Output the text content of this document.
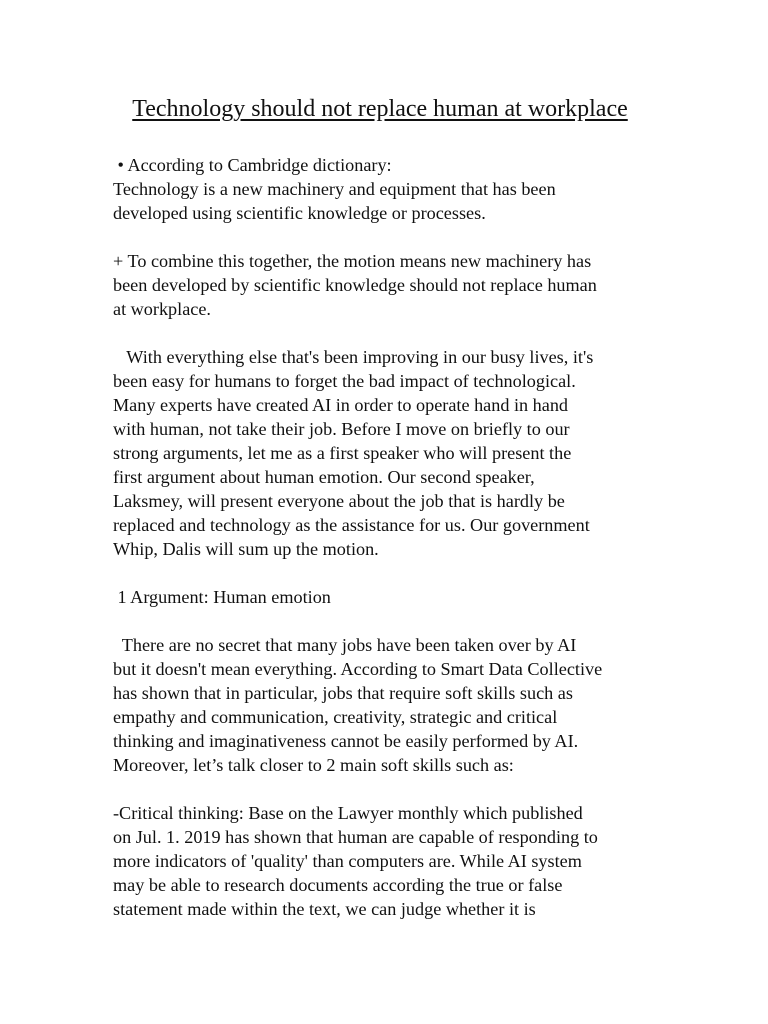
Technology should not replace human at workplace

• According to Cambridge dictionary:
Technology is a new machinery and equipment that has been
developed using scientific knowledge or processes.

+ To combine this together, the motion means new machinery has
been developed by scientific knowledge should not replace human
at workplace.

With everything else that's been improving in our busy lives, it's
been easy for humans to forget the bad impact of technological.
Many experts have created AI in order to operate hand in hand
with human, not take their job. Before I move on briefly to our
strong arguments, let me as a first speaker who will present the
first argument about human emotion. Our second speaker,
Laksmey, will present everyone about the job that is hardly be
replaced and technology as the assistance for us. Our government
Whip, Dalis will sum up the motion.

1 Argument: Human emotion

There are no secret that many jobs have been taken over by AI
but it doesn't mean everything. According to Smart Data Collective
has shown that in particular, jobs that require soft skills such as
empathy and communication, creativity, strategic and critical
thinking and imaginativeness cannot be easily performed by AI.
Moreover, let’s talk closer to 2 main soft skills such as:

-Critical thinking: Base on the Lawyer monthly which published
on Jul. 1. 2019 has shown that human are capable of responding to
more indicators of 'quality' than computers are. While AI system
may be able to research documents according the true or false
statement made within the text, we can judge whether it is
